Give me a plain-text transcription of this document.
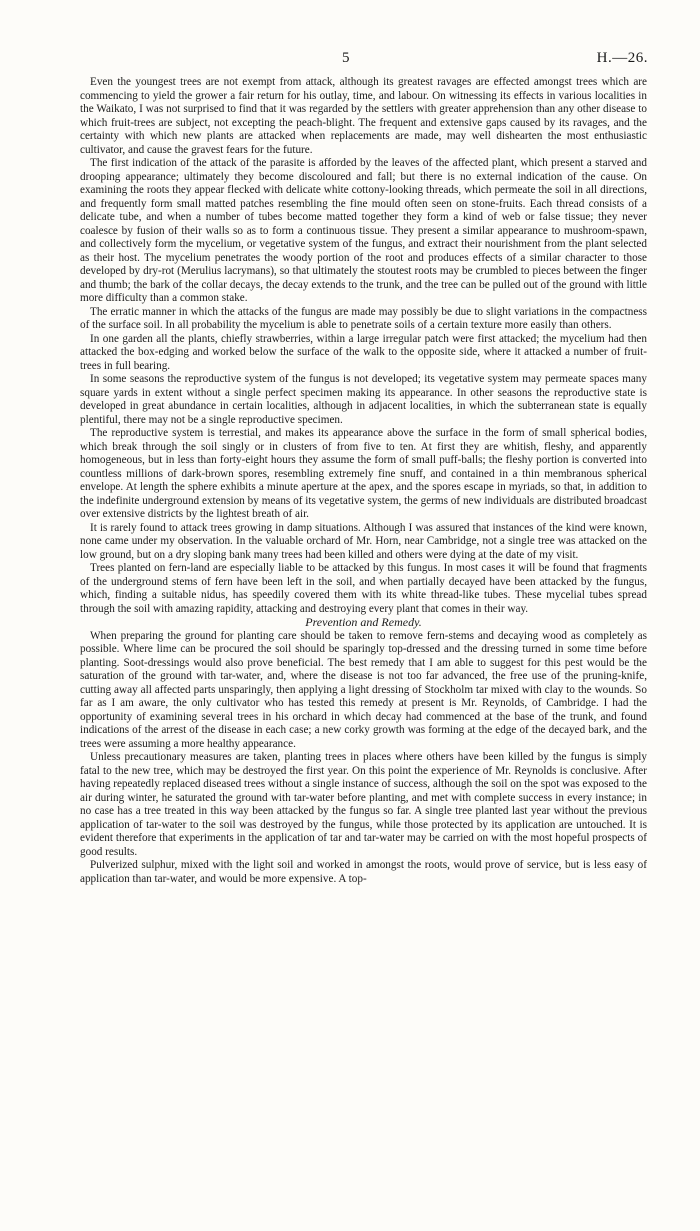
5	H.—26.

Even the youngest trees are not exempt from attack, although its greatest ravages are effected amongst trees which are commencing to yield the grower a fair return for his outlay, time, and labour. On witnessing its effects in various localities in the Waikato, I was not surprised to find that it was regarded by the settlers with greater apprehension than any other disease to which fruit-trees are subject, not excepting the peach-blight. The frequent and extensive gaps caused by its ravages, and the certainty with which new plants are attacked when replacements are made, may well dishearten the most enthusiastic cultivator, and cause the gravest fears for the future.

The first indication of the attack of the parasite is afforded by the leaves of the affected plant, which present a starved and drooping appearance; ultimately they become discoloured and fall; but there is no external indication of the cause. On examining the roots they appear flecked with delicate white cottony-looking threads, which permeate the soil in all directions, and frequently form small matted patches resembling the fine mould often seen on stone-fruits. Each thread consists of a delicate tube, and when a number of tubes become matted together they form a kind of web or false tissue; they never coalesce by fusion of their walls so as to form a continuous tissue. They present a similar appearance to mushroom-spawn, and collectively form the mycelium, or vegetative system of the fungus, and extract their nourishment from the plant selected as their host. The mycelium penetrates the woody portion of the root and produces effects of a similar character to those developed by dry-rot (Merulius lacrymans), so that ultimately the stoutest roots may be crumbled to pieces between the finger and thumb; the bark of the collar decays, the decay extends to the trunk, and the tree can be pulled out of the ground with little more difficulty than a common stake.

The erratic manner in which the attacks of the fungus are made may possibly be due to slight variations in the compactness of the surface soil. In all probability the mycelium is able to penetrate soils of a certain texture more easily than others.

In one garden all the plants, chiefly strawberries, within a large irregular patch were first attacked; the mycelium had then attacked the box-edging and worked below the surface of the walk to the opposite side, where it attacked a number of fruit-trees in full bearing.

In some seasons the reproductive system of the fungus is not developed; its vegetative system may permeate spaces many square yards in extent without a single perfect specimen making its appearance. In other seasons the reproductive state is developed in great abundance in certain localities, although in adjacent localities, in which the subterranean state is equally plentiful, there may not be a single reproductive specimen.

The reproductive system is terrestial, and makes its appearance above the surface in the form of small spherical bodies, which break through the soil singly or in clusters of from five to ten. At first they are whitish, fleshy, and apparently homogeneous, but in less than forty-eight hours they assume the form of small puff-balls; the fleshy portion is converted into countless millions of dark-brown spores, resembling extremely fine snuff, and contained in a thin membranous spherical envelope. At length the sphere exhibits a minute aperture at the apex, and the spores escape in myriads, so that, in addition to the indefinite underground extension by means of its vegetative system, the germs of new individuals are distributed broadcast over extensive districts by the lightest breath of air.

It is rarely found to attack trees growing in damp situations. Although I was assured that instances of the kind were known, none came under my observation. In the valuable orchard of Mr. Horn, near Cambridge, not a single tree was attacked on the low ground, but on a dry sloping bank many trees had been killed and others were dying at the date of my visit.

Trees planted on fern-land are especially liable to be attacked by this fungus. In most cases it will be found that fragments of the underground stems of fern have been left in the soil, and when partially decayed have been attacked by the fungus, which, finding a suitable nidus, has speedily covered them with its white thread-like tubes. These mycelial tubes spread through the soil with amazing rapidity, attacking and destroying every plant that comes in their way.

Prevention and Remedy.

When preparing the ground for planting care should be taken to remove fern-stems and decaying wood as completely as possible. Where lime can be procured the soil should be sparingly top-dressed and the dressing turned in some time before planting. Soot-dressings would also prove beneficial. The best remedy that I am able to suggest for this pest would be the saturation of the ground with tar-water, and, where the disease is not too far advanced, the free use of the pruning-knife, cutting away all affected parts unsparingly, then applying a light dressing of Stockholm tar mixed with clay to the wounds. So far as I am aware, the only cultivator who has tested this remedy at present is Mr. Reynolds, of Cambridge. I had the opportunity of examining several trees in his orchard in which decay had commenced at the base of the trunk, and found indications of the arrest of the disease in each case; a new corky growth was forming at the edge of the decayed bark, and the trees were assuming a more healthy appearance.

Unless precautionary measures are taken, planting trees in places where others have been killed by the fungus is simply fatal to the new tree, which may be destroyed the first year. On this point the experience of Mr. Reynolds is conclusive. After having repeatedly replaced diseased trees without a single instance of success, although the soil on the spot was exposed to the air during winter, he saturated the ground with tar-water before planting, and met with complete success in every instance; in no case has a tree treated in this way been attacked by the fungus so far. A single tree planted last year without the previous application of tar-water to the soil was destroyed by the fungus, while those protected by its application are untouched. It is evident therefore that experiments in the application of tar and tar-water may be carried on with the most hopeful prospects of good results.

Pulverized sulphur, mixed with the light soil and worked in amongst the roots, would prove of service, but is less easy of application than tar-water, and would be more expensive. A top-
